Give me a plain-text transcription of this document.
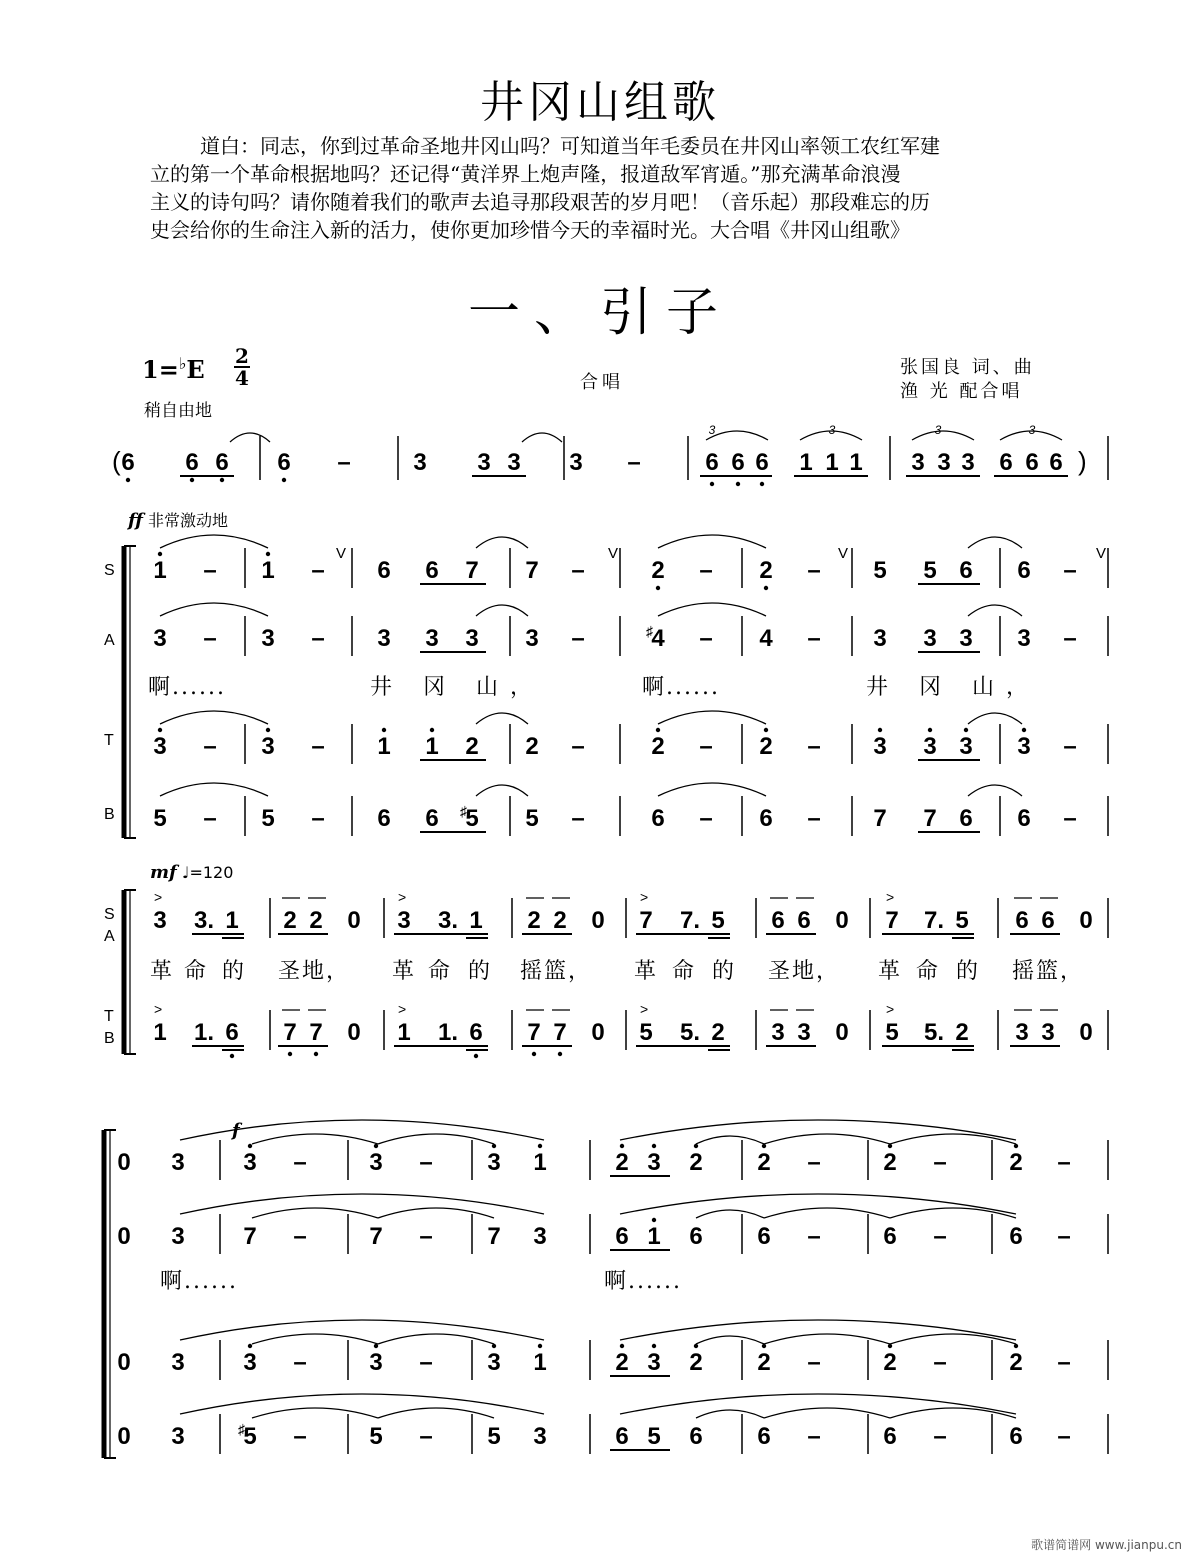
井冈山组歌

道白：同志，你到过革命圣地井冈山吗？可知道当年毛委员在井冈山率领工农红军建

立的第一个革命根据地吗？还记得“黄洋界上炮声隆，报道敌军宵遁。”那充满革命浪漫

主义的诗句吗？请你随着我们的歌声去追寻那段艰苦的岁月吧！（音乐起）那段难忘的历

史会给你的生命注入新的活力，使你更加珍惜今天的幸福时光。大合唱《井冈山组歌》

一、引子
1=♭E 2
4
稍自由地
合唱
张国良 词、曲
渔 光 配合唱
ff 非常激动地
mf ♩=120
f
S
A
T
B
S
A
T
B
啊......	井 冈 山，	啊......	井 冈 山，
啊......	啊......
革 命 的 圣地， 革 命 的 摇篮， 革 命 的 圣地， 革 命 的 摇篮，
( 6 6 6 6 –	3 3 3 3 –	6 6 6 1 1 1 3 3 3 6 6 6
3	3	3	3
)
1 – 1 – 6 6 7 7 –	2 – 2 – 5 5 6 6 –
3 – 3 – 3 3 3 3 –	♯
4 – 4 – 3 3 3 3 –
3 – 3 – 1 1 2 2 –	2 – 2 – 3 3 3 3 –
5 – 5 – 6 6 ♯
5 5 –	6 – 6 – 7 7 6 6 –
V	V	V	V
3 3. 1 2 2 0 3 3. 1 2 2 0 7 7. 5 6 6 0 7 7. 5 6 6 0
>	>	>	>
1 1. 6 7 7 0 1 1. 6 7 7 0 5 5. 2 3 3 0 5 5. 2 3 3 0
>	>	>	>
0 3 3 –	3 – 3 1	2 3 2 2 –	2 –	2 –
0 3 7 –	7 – 7 3	6 1 6 6 –	6 –	6 –
0 3 3 –	3 – 3 1	2 3 2 2 –	2 –	2 –
0 3	♯
5 –	5 – 5 3	6 5 6 6 –	6 –	6 –
歌谱简谱网 www.jianpu.cn
